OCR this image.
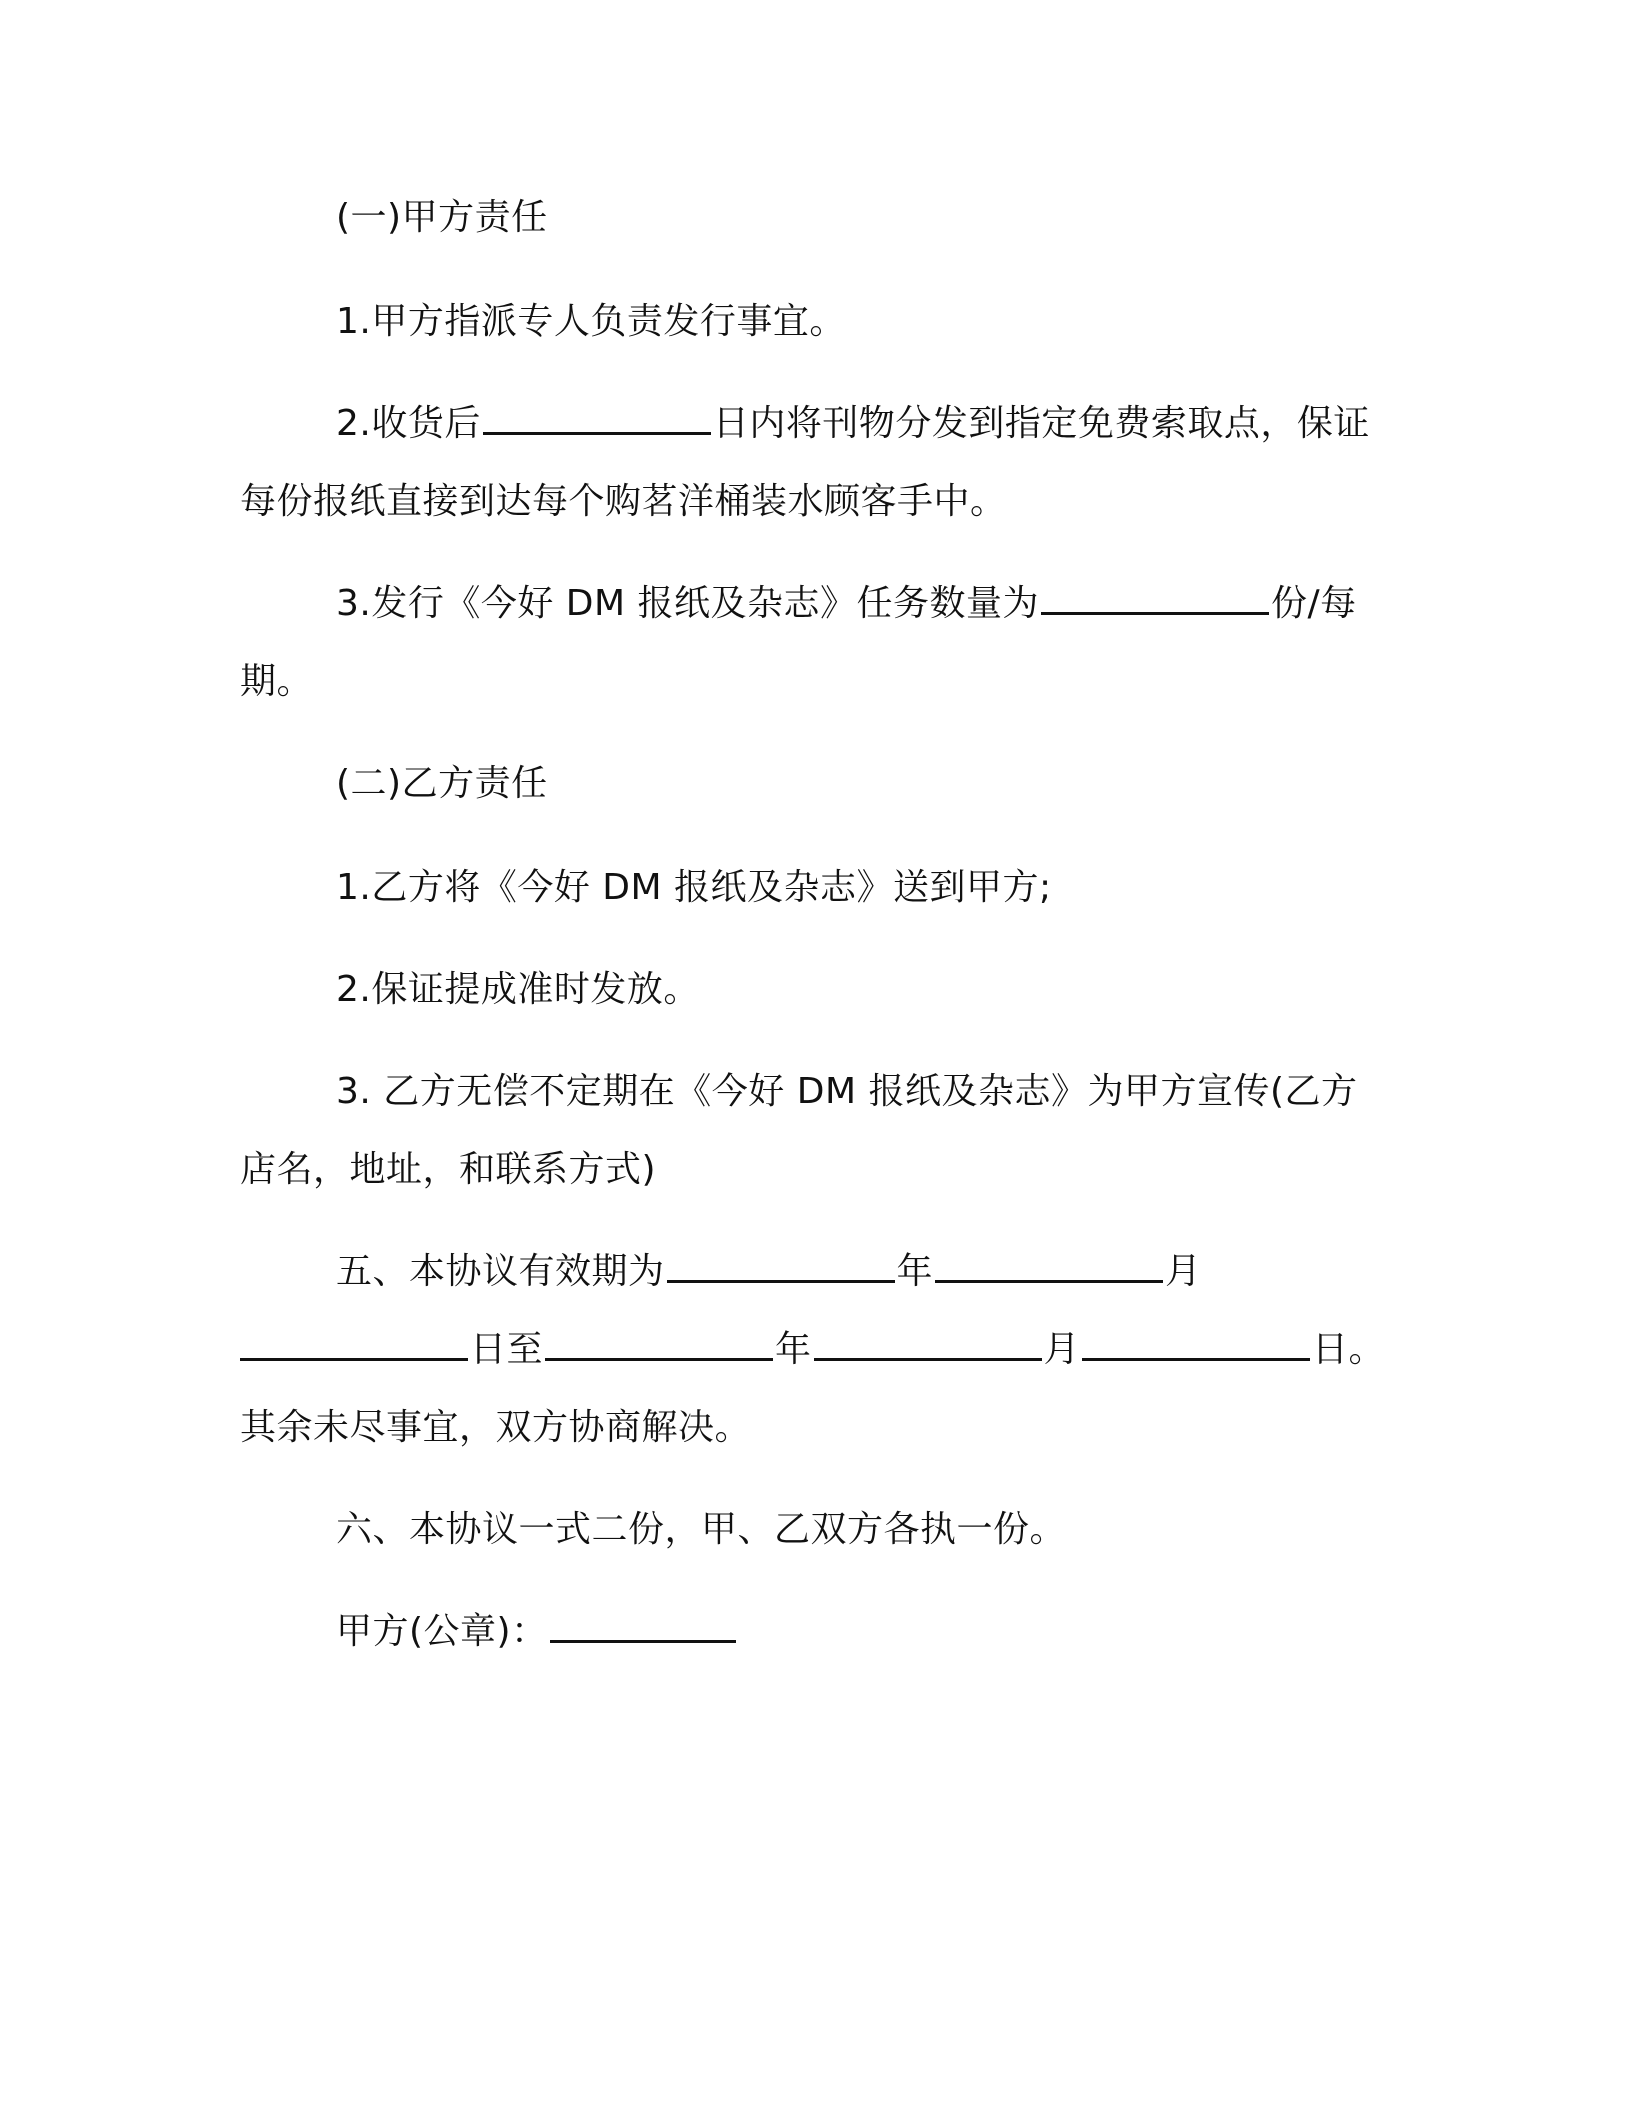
(一)甲方责任
1.甲方指派专人负责发行事宜。
2.收货后	日内将刊物分发到指定免费索取点，保证
每份报纸直接到达每个购茗洋桶装水顾客手中。
3.发行《今好 DM 报纸及杂志》任务数量为	份/每
期。
(二)乙方责任
1.乙方将《今好 DM 报纸及杂志》送到甲方;
2.保证提成准时发放。
3. 乙方无偿不定期在《今好 DM 报纸及杂志》为甲方宣传(乙方
店名，地址，和联系方式)
五、本协议有效期为	年	月
日至	年	月	日。
其余未尽事宜，双方协商解决。
六、本协议一式二份，甲、乙双方各执一份。
甲方(公章)：
